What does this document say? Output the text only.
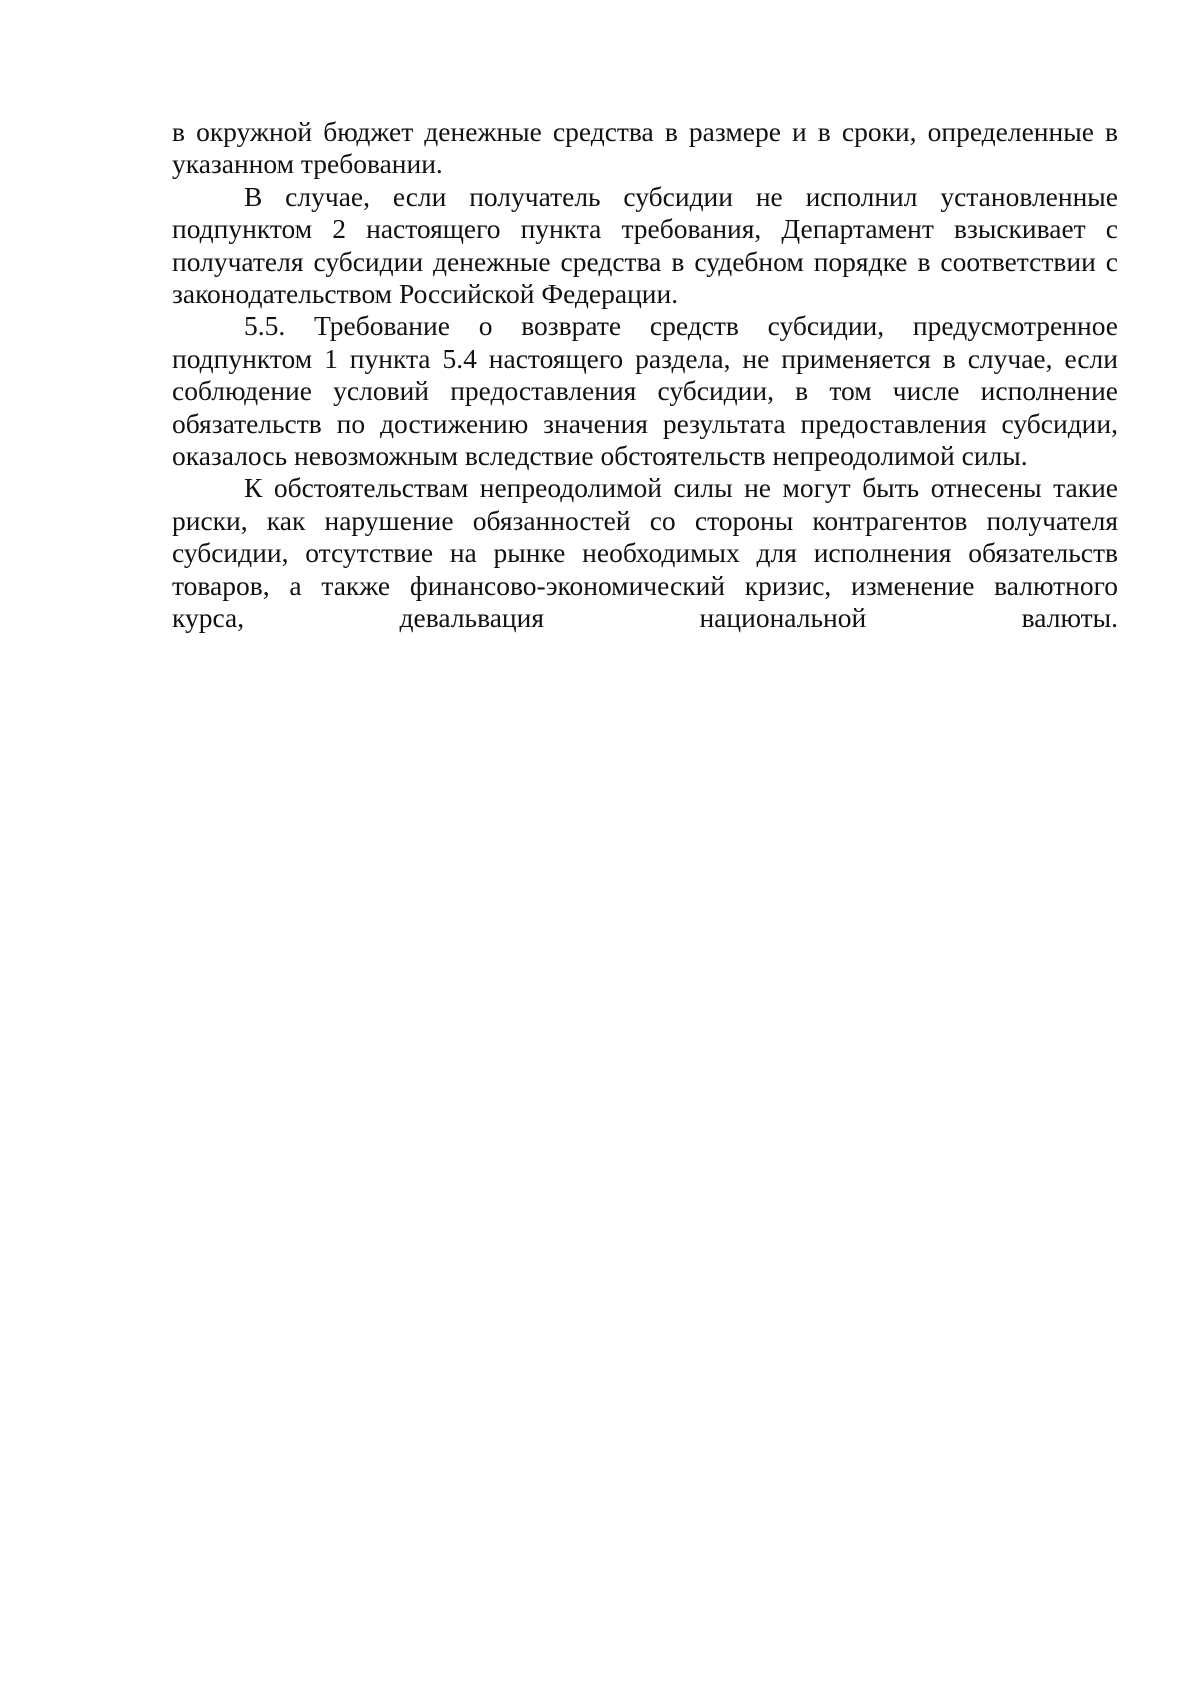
в окружной бюджет денежные средства в размере и в сроки, определенные в указанном требовании.

В случае, если получатель субсидии не исполнил установленные подпунктом 2 настоящего пункта требования, Департамент взыскивает с получателя субсидии денежные средства в судебном порядке в соответствии с законодательством Российской Федерации.

5.5. Требование о возврате средств субсидии, предусмотренное подпунктом 1 пункта 5.4 настоящего раздела, не применяется в случае, если соблюдение условий предоставления субсидии, в том числе исполнение обязательств по достижению значения результата предоставления субсидии, оказалось невозможным вследствие обстоятельств непреодолимой силы.

К обстоятельствам непреодолимой силы не могут быть отнесены такие риски, как нарушение обязанностей со стороны контрагентов получателя субсидии, отсутствие на рынке необходимых для исполнения обязательств товаров, а также финансово-экономический кризис, изменение валютного курса, девальвация национальной валюты.
